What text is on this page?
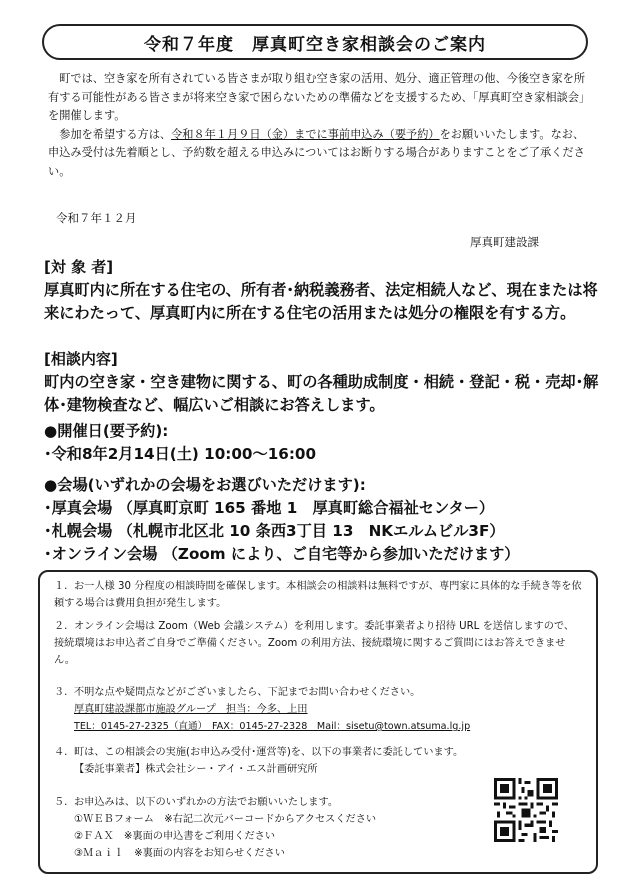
令和７年度　厚真町空き家相談会のご案内

町では、空き家を所有されている皆さまが取り組む空き家の活用、処分、適正管理の他、今後空き家を所有する可能性がある皆さまが将来空き家で困らないための準備などを支援するため、「厚真町空き家相談会」を開催します。

参加を希望する方は、令和８年１月９日（金）までに事前申込み（要予約）をお願いいたします。なお、申込み受付は先着順とし、予約数を超える申込みについてはお断りする場合がありますことをご了承ください。

令和７年１２月
厚真町建設課
[対 象 者]
厚真町内に所在する住宅の、所有者･納税義務者、法定相続人など、現在または将来にわたって、厚真町内に所在する住宅の活用または処分の権限を有する方。
[相談内容]
町内の空き家・空き建物に関する、町の各種助成制度・相続・登記・税・売却･解体･建物検査など、幅広いご相談にお答えします。
●開催日(要予約):
･令和8年2月14日(土) 10:00～16:00
●会場(いずれかの会場をお選びいただけます):
･厚真会場 （厚真町京町 165 番地 1　厚真町総合福祉センター）
･札幌会場 （札幌市北区北 10 条西3丁目 13　NKエルムビル3F）
･オンライン会場 （Zoom により、ご自宅等から参加いただけます）
１. お一人様 30 分程度の相談時間を確保します。本相談会の相談料は無料ですが、専門家に具体的な手続き等を依頼する場合は費用負担が発生します。
２. オンライン会場は Zoom（Web 会議システム）を利用します。委託事業者より招待 URL を送信しますので、接続環境はお申込者ご自身でご準備ください。Zoom の利用方法、接続環境に関するご質問にはお答えできません。
３. 不明な点や疑問点などがございましたら、下記までお問い合わせください。
厚真町建設課都市施設グループ　担当：今多、上田
TEL：0145-27-2325（直通）　FAX：0145-27-2328　Mail：sisetu@town.atsuma.lg.jp
４. 町は、この相談会の実施(お申込み受付･運営等)を、以下の事業者に委託しています。
【委託事業者】株式会社シー・アイ・エス計画研究所
５. お申込みは、以下のいずれかの方法でお願いいたします。
①ＷＥＢフォーム　※右記二次元バーコードからアクセスください
②ＦＡＸ　※裏面の申込書をご利用ください
③Ｍａｉｌ　※裏面の内容をお知らせください
